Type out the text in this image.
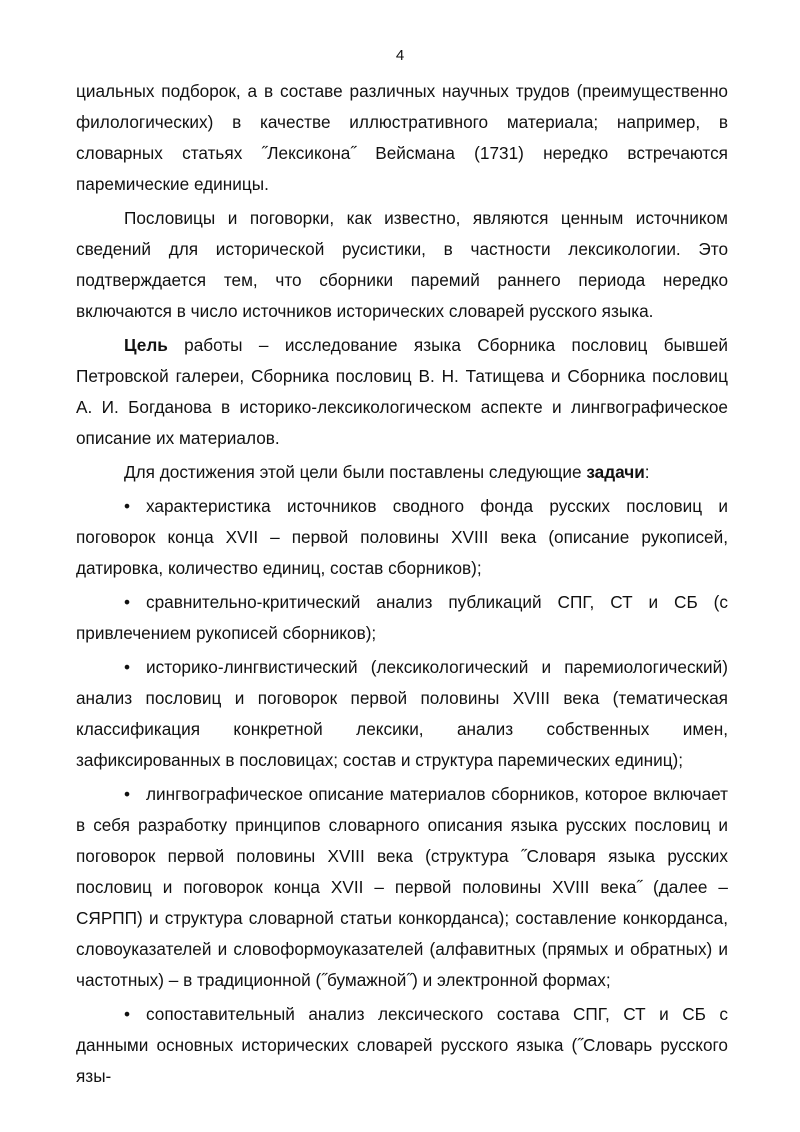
4

циальных подборок, а в составе различных научных трудов (преимущественно филологических) в качестве иллюстративного материала; например, в словарных статьях ˝Лексикона˝ Вейсмана (1731) нередко встречаются паремические единицы.

Пословицы и поговорки, как известно, являются ценным источником сведений для исторической русистики, в частности лексикологии. Это подтверждается тем, что сборники паремий раннего периода нередко включаются в число источников исторических словарей русского языка.

Цель работы – исследование языка Сборника пословиц бывшей Петровской галереи, Сборника пословиц В. Н. Татищева и Сборника пословиц А. И. Богданова в историко-лексикологическом аспекте и лингвографическое описание их материалов.

Для достижения этой цели были поставлены следующие задачи:

• характеристика источников сводного фонда русских пословиц и поговорок конца XVII – первой половины XVIII века (описание рукописей, датировка, количество единиц, состав сборников);

• сравнительно-критический анализ публикаций СПГ, СТ и СБ (с привлечением рукописей сборников);

• историко-лингвистический (лексикологический и паремиологический) анализ пословиц и поговорок первой половины XVIII века (тематическая классификация конкретной лексики, анализ собственных имен, зафиксированных в пословицах; состав и структура паремических единиц);

• лингвографическое описание материалов сборников, которое включает в себя разработку принципов словарного описания языка русских пословиц и поговорок первой половины XVIII века (структура ˝Словаря языка русских пословиц и поговорок конца XVII – первой половины XVIII века˝ (далее – СЯРПП) и структура словарной статьи конкорданса); составление конкорданса, словоуказателей и словоформоуказателей (алфавитных (прямых и обратных) и частотных) – в традиционной (˝бумажной˝) и электронной формах;

• сопоставительный анализ лексического состава СПГ, СТ и СБ с данными основных исторических словарей русского языка (˝Словарь русского язы-
